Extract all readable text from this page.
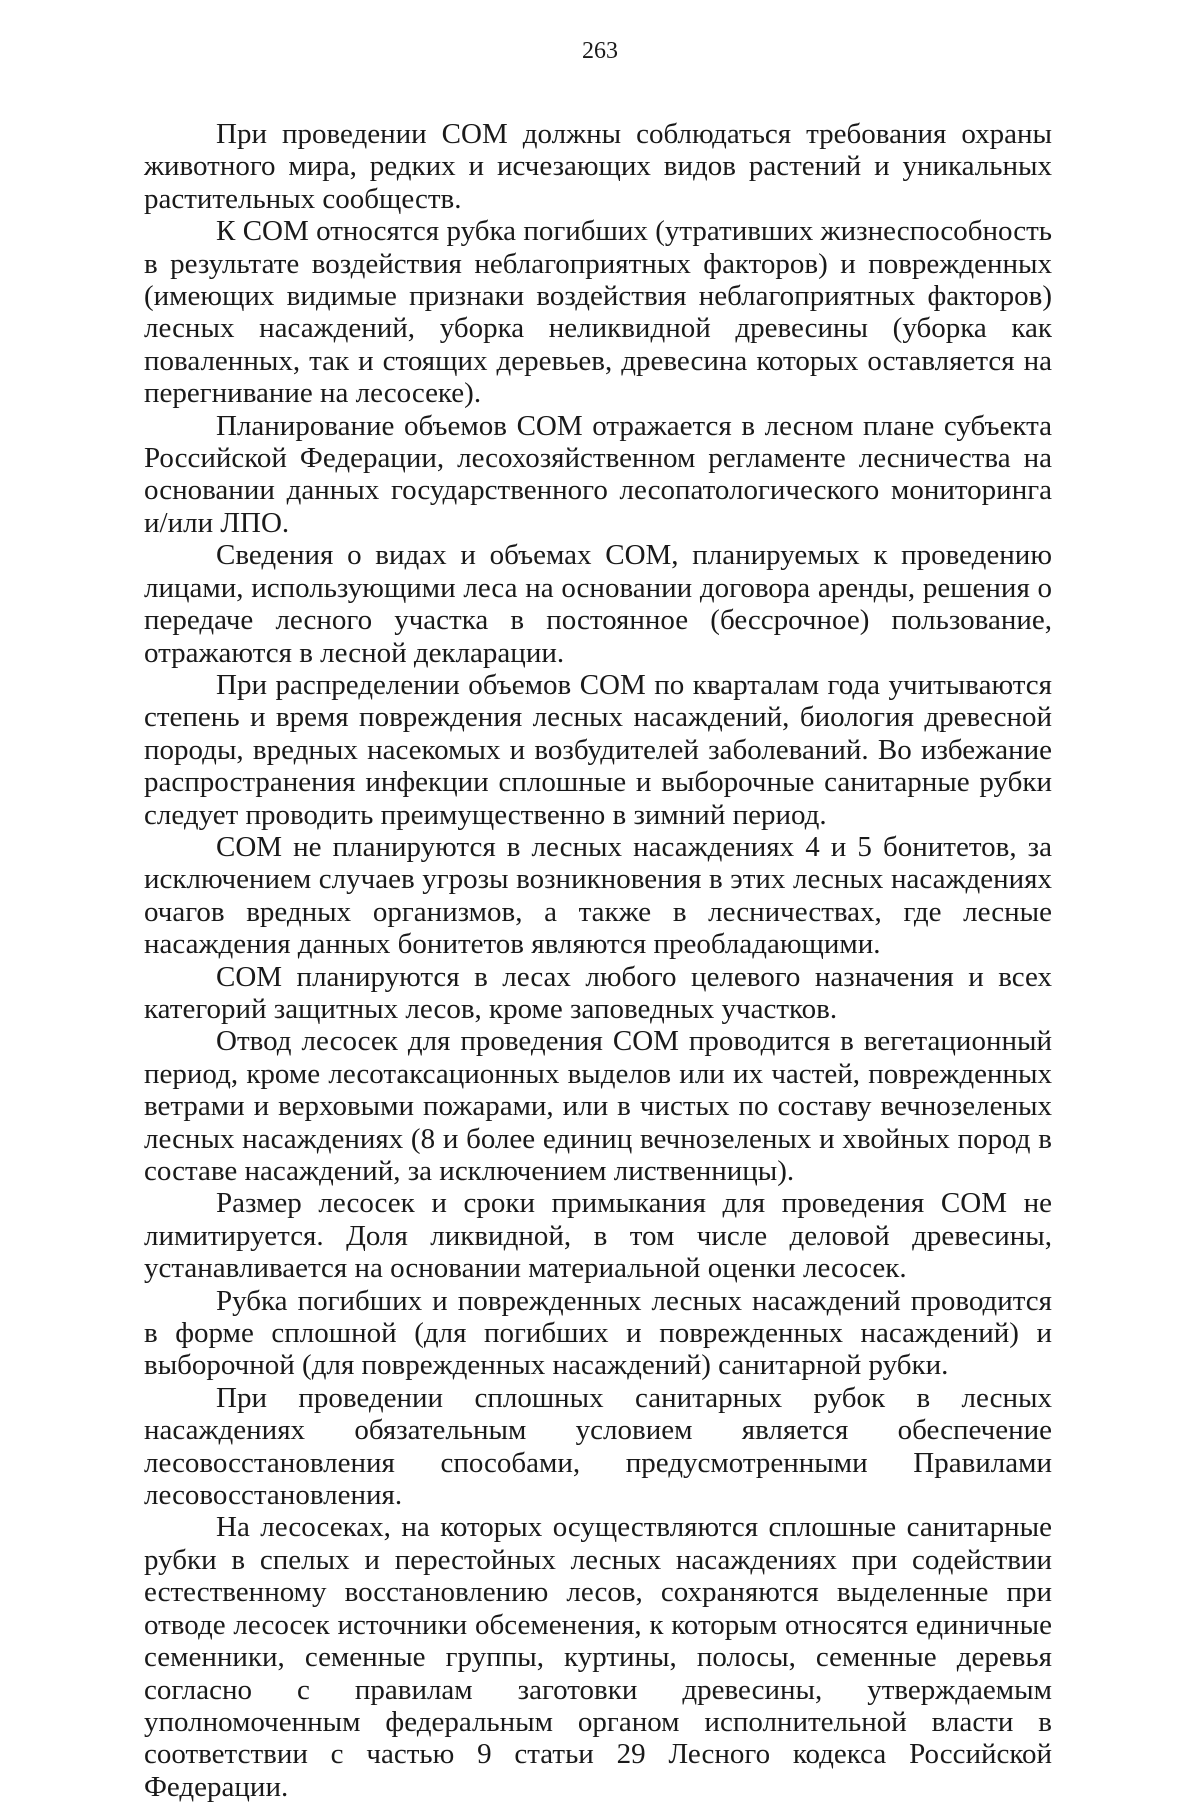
263

При проведении СОМ должны соблюдаться требования охраны животного мира, редких и исчезающих видов растений и уникальных растительных сообществ.

К СОМ относятся рубка погибших (утративших жизнеспособность в результате воздействия неблагоприятных факторов) и поврежденных (имеющих видимые признаки воздействия неблагоприятных факторов) лесных насаждений, уборка неликвидной древесины (уборка как поваленных, так и стоящих деревьев, древесина которых оставляется на перегнивание на лесосеке).

Планирование объемов СОМ отражается в лесном плане субъекта Российской Федерации, лесохозяйственном регламенте лесничества на основании данных государственного лесопатологического мониторинга и/или ЛПО.

Сведения о видах и объемах СОМ, планируемых к проведению лицами, использующими леса на основании договора аренды, решения о передаче лесного участка в постоянное (бессрочное) пользование, отражаются в лесной декларации.

При распределении объемов СОМ по кварталам года учитываются степень и время повреждения лесных насаждений, биология древесной породы, вредных насекомых и возбудителей заболеваний. Во избежание распространения инфекции сплошные и выборочные санитарные рубки следует проводить преимущественно в зимний период.

СОМ не планируются в лесных насаждениях 4 и 5 бонитетов, за исключением случаев угрозы возникновения в этих лесных насаждениях очагов вредных организмов, а также в лесничествах, где лесные насаждения данных бонитетов являются преобладающими.

СОМ планируются в лесах любого целевого назначения и всех категорий защитных лесов, кроме заповедных участков.

Отвод лесосек для проведения СОМ проводится в вегетационный период, кроме лесотаксационных выделов или их частей, поврежденных ветрами и верховыми пожарами, или в чистых по составу вечнозеленых лесных насаждениях (8 и более единиц вечнозеленых и хвойных пород в составе насаждений, за исключением лиственницы).

Размер лесосек и сроки примыкания для проведения СОМ не лимитируется. Доля ликвидной, в том числе деловой древесины, устанавливается на основании материальной оценки лесосек.

Рубка погибших и поврежденных лесных насаждений проводится в форме сплошной (для погибших и поврежденных насаждений) и выборочной (для поврежденных насаждений) санитарной рубки.

При проведении сплошных санитарных рубок в лесных насаждениях обязательным условием является обеспечение лесовосстановления способами, предусмотренными Правилами лесовосстановления.

На лесосеках, на которых осуществляются сплошные санитарные рубки в спелых и перестойных лесных насаждениях при содействии естественному восстановлению лесов, сохраняются выделенные при отводе лесосек источники обсеменения, к которым относятся единичные семенники, семенные группы, куртины, полосы, семенные деревья согласно с правилам заготовки древесины, утверждаемым уполномоченным федеральным органом исполнительной власти в соответствии с частью 9 статьи 29 Лесного кодекса Российской Федерации.
